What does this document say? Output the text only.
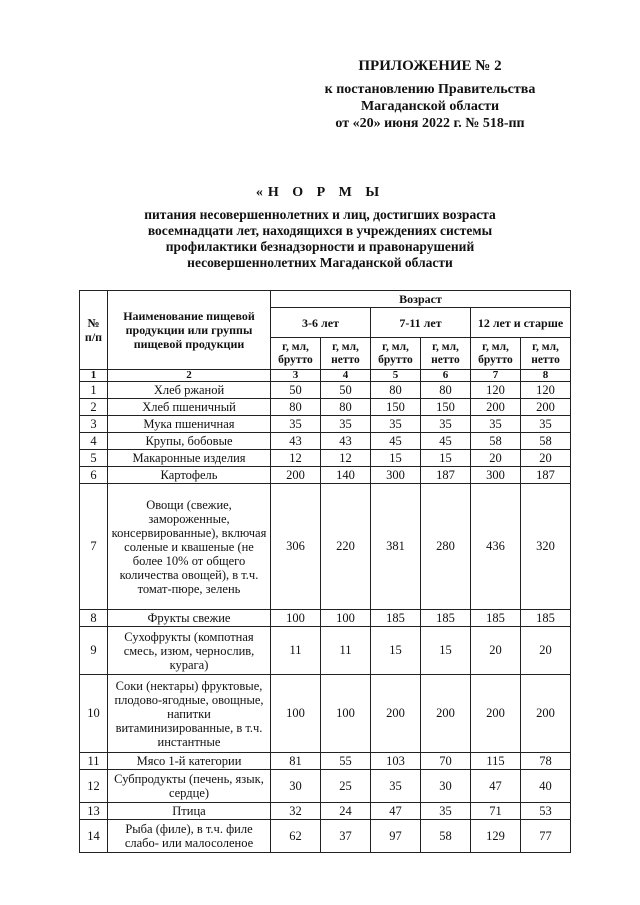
ПРИЛОЖЕНИЕ № 2
к постановлению Правительства
Магаданской области
от «20» июня 2022 г. № 518-пп
«Н О Р М Ы
питания несовершеннолетних и лиц, достигших возраста
восемнадцати лет, находящихся в учреждениях системы
профилактики безнадзорности и правонарушений
несовершеннолетних Магаданской области
№ п/п	Наименование пищевой продукции или группы пищевой продукции	Возраст					
		3-6 лет		7-11 лет		12 лет и старше	
		г, мл, брутто	г, мл, нетто	г, мл, брутто	г, мл, нетто	г, мл, брутто	г, мл, нетто
1	2	3	4	5	6	7	8
1	Хлеб ржаной	50	50	80	80	120	120
2	Хлеб пшеничный	80	80	150	150	200	200
3	Мука пшеничная	35	35	35	35	35	35
4	Крупы, бобовые	43	43	45	45	58	58
5	Макаронные изделия	12	12	15	15	20	20
6	Картофель	200	140	300	187	300	187
7	Овощи (свежие, замороженные, консервированные), включая соленые и квашеные (не более 10% от общего количества овощей), в т.ч. томат-пюре, зелень	306	220	381	280	436	320
8	Фрукты свежие	100	100	185	185	185	185
9	Сухофрукты (компотная смесь, изюм, чернослив, курага)	11	11	15	15	20	20
10	Соки (нектары) фруктовые, плодово-ягодные, овощные, напитки витаминизированные, в т.ч. инстантные	100	100	200	200	200	200
11	Мясо 1-й категории	81	55	103	70	115	78
12	Субпродукты (печень, язык, сердце)	30	25	35	30	47	40
13	Птица	32	24	47	35	71	53
14	Рыба (филе), в т.ч. филе слабо- или малосоленое	62	37	97	58	129	77
